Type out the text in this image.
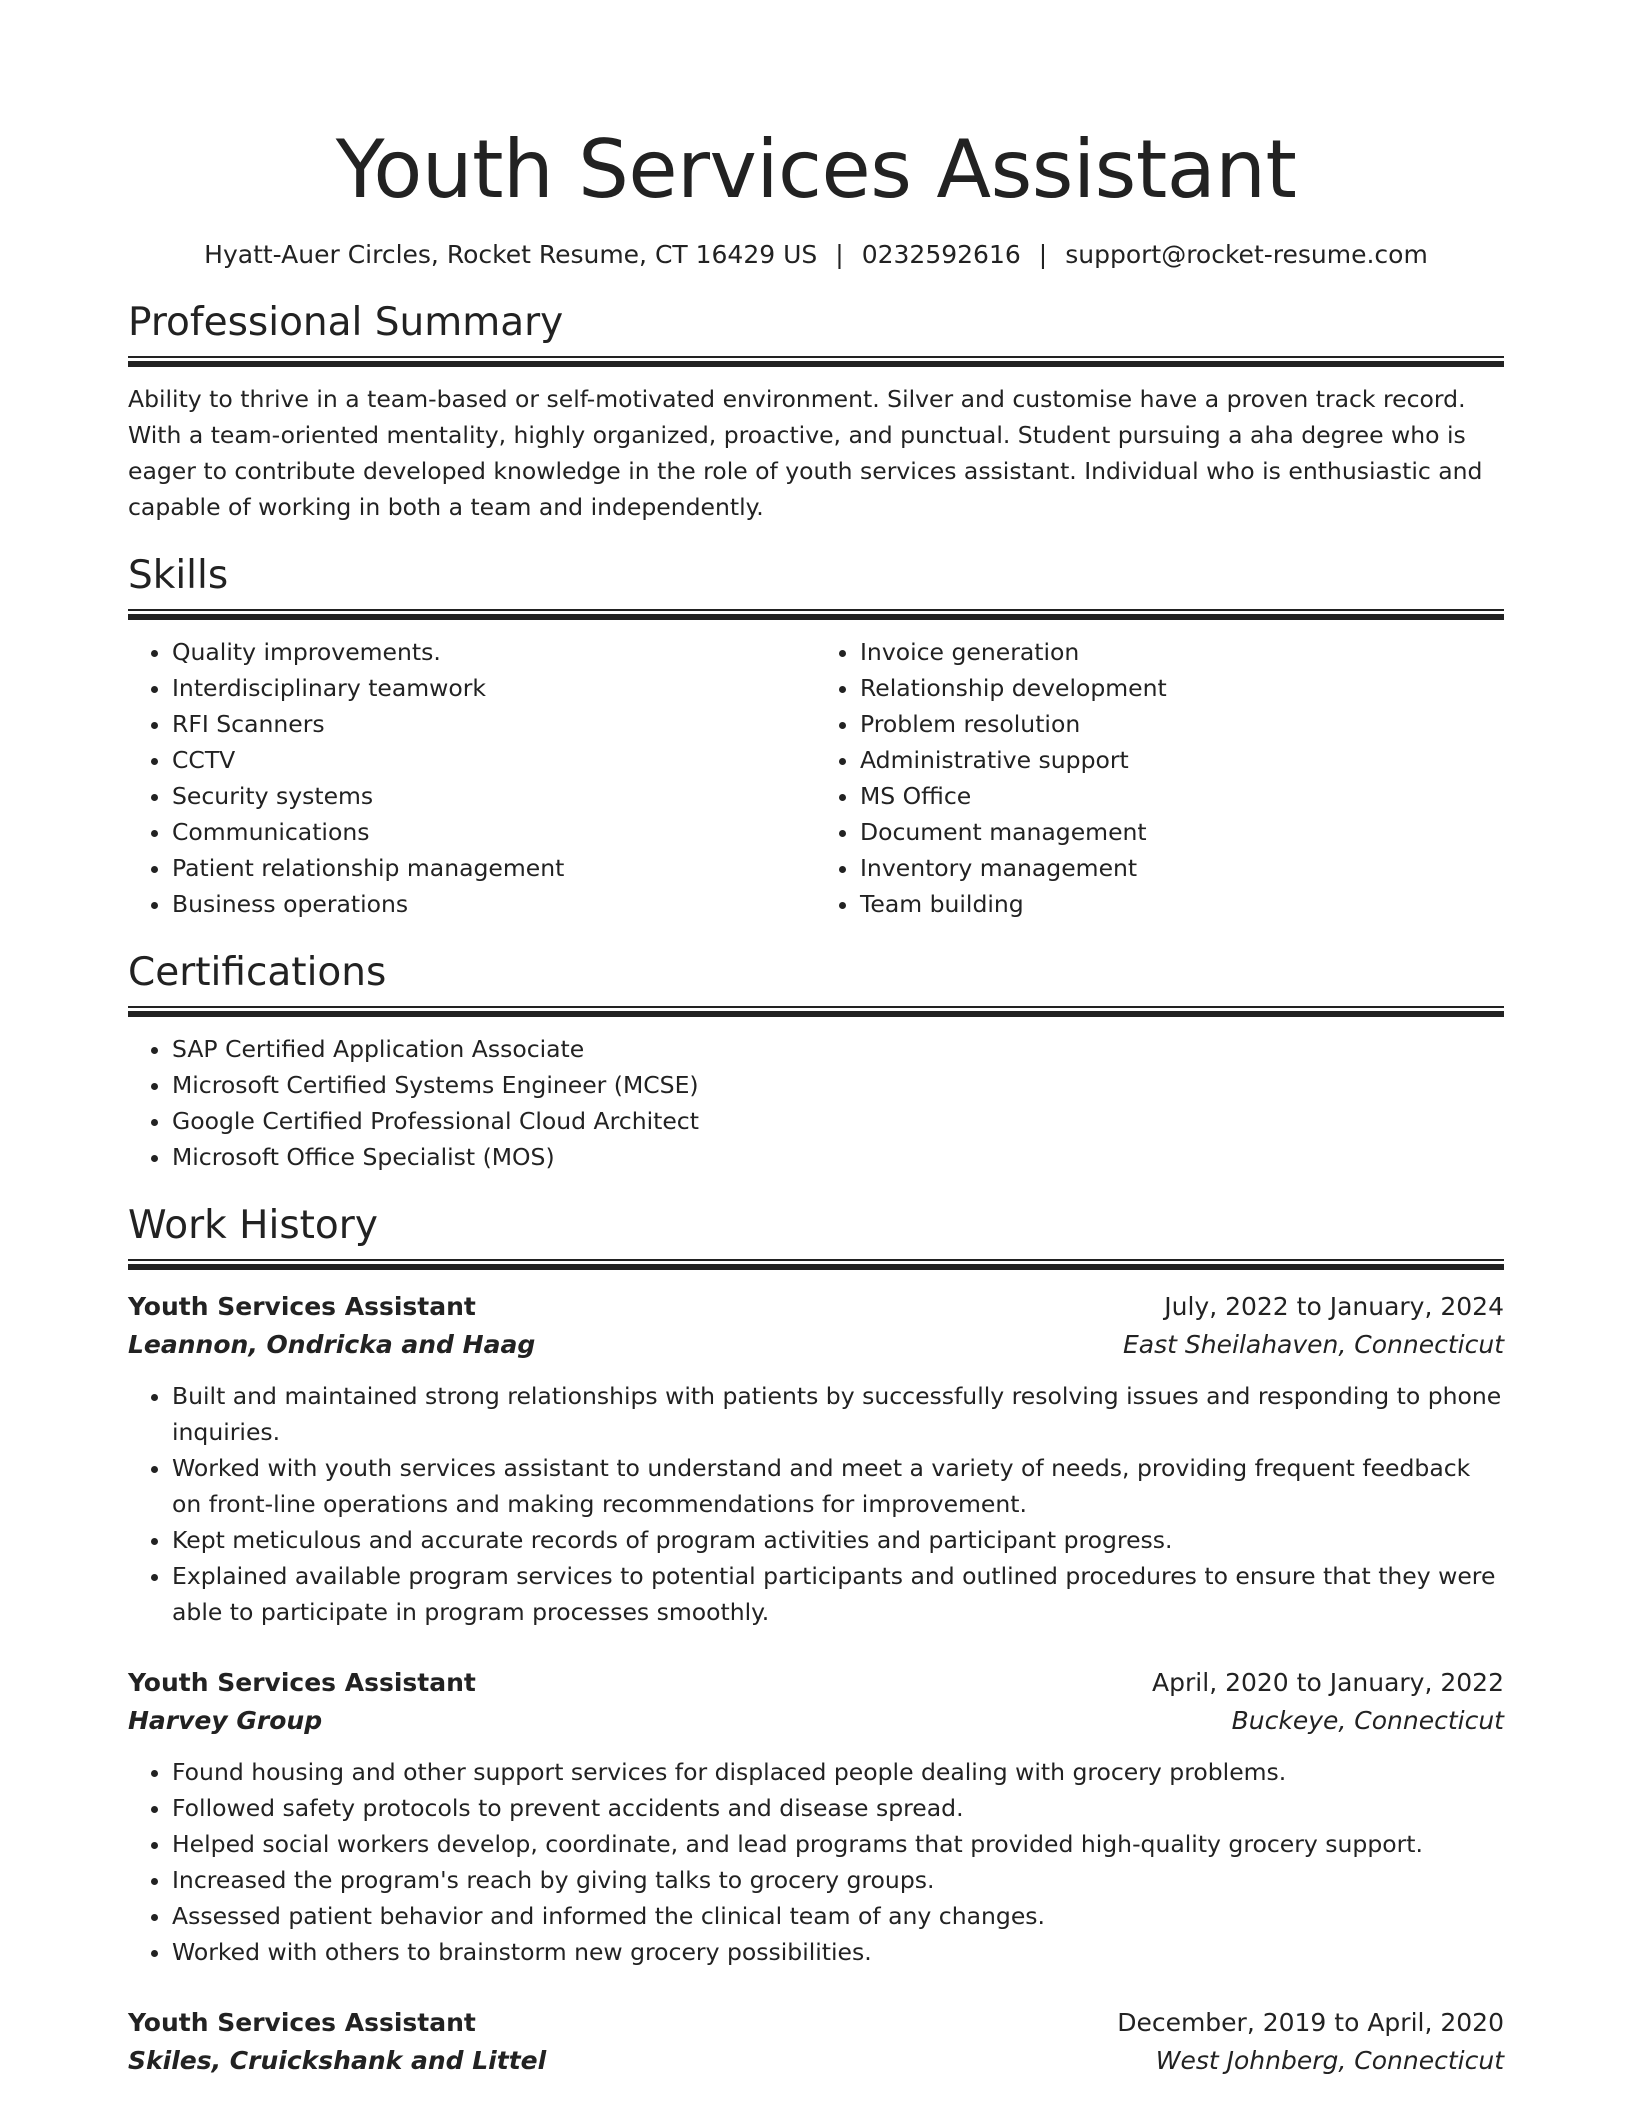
Youth Services Assistant
Hyatt-Auer Circles, Rocket Resume, CT 16429 US | 0232592616 | support@rocket-resume.com
Professional Summary
Ability to thrive in a team-based or self-motivated environment. Silver and customise have a proven track record. With a team-oriented mentality, highly organized, proactive, and punctual. Student pursuing a aha degree who is eager to contribute developed knowledge in the role of youth services assistant. Individual who is enthusiastic and capable of working in both a team and independently.
Skills
• Quality improvements.
• Interdisciplinary teamwork
• RFI Scanners
• CCTV
• Security systems
• Communications
• Patient relationship management
• Business operations
• Invoice generation
• Relationship development
• Problem resolution
• Administrative support
• MS Office
• Document management
• Inventory management
• Team building
Certifications
• SAP Certified Application Associate
• Microsoft Certified Systems Engineer (MCSE)
• Google Certified Professional Cloud Architect
• Microsoft Office Specialist (MOS)
Work History
Youth Services Assistant	July, 2022 to January, 2024
Leannon, Ondricka and Haag	East Sheilahaven, Connecticut
• Built and maintained strong relationships with patients by successfully resolving issues and responding to phone inquiries.
• Worked with youth services assistant to understand and meet a variety of needs, providing frequent feedback on front-line operations and making recommendations for improvement.
• Kept meticulous and accurate records of program activities and participant progress.
• Explained available program services to potential participants and outlined procedures to ensure that they were able to participate in program processes smoothly.
Youth Services Assistant	April, 2020 to January, 2022
Harvey Group	Buckeye, Connecticut
• Found housing and other support services for displaced people dealing with grocery problems.
• Followed safety protocols to prevent accidents and disease spread.
• Helped social workers develop, coordinate, and lead programs that provided high-quality grocery support.
• Increased the program's reach by giving talks to grocery groups.
• Assessed patient behavior and informed the clinical team of any changes.
• Worked with others to brainstorm new grocery possibilities.
Youth Services Assistant	December, 2019 to April, 2020
Skiles, Cruickshank and Littel	West Johnberg, Connecticut
